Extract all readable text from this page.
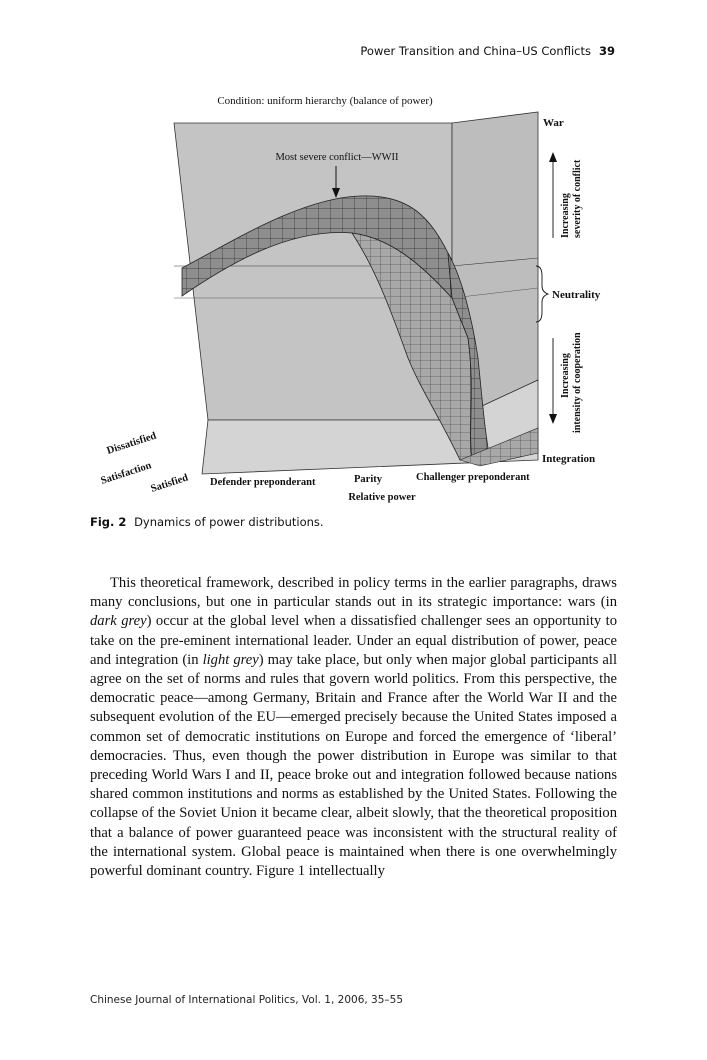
Power Transition and China–US Conflicts 39
Condition: uniform hierarchy (balance of power)
Most severe conflict—WWII
War
Increasing severity of conflict
Neutrality
Increasing intensity of cooperation
Integration
Dissatisfied
Satisfaction
Satisfied Defender preponderant	Parity	Challenger preponderant
Relative power
Fig. 2 Dynamics of power distributions.

This theoretical framework, described in policy terms in the earlier paragraphs, draws many conclusions, but one in particular stands out in its strategic importance: wars (in dark grey) occur at the global level when a dissatisfied challenger sees an opportunity to take on the pre-eminent international leader. Under an equal distribution of power, peace and integration (in light grey) may take place, but only when major global participants all agree on the set of norms and rules that govern world politics. From this perspective, the democratic peace—among Germany, Britain and France after the World War II and the subsequent evolution of the EU—emerged precisely because the United States imposed a common set of democratic institutions on Europe and forced the emergence of ‘liberal’ democracies. Thus, even though the power distribution in Europe was similar to that preceding World Wars I and II, peace broke out and integration followed because nations shared common institutions and norms as established by the United States. Following the collapse of the Soviet Union it became clear, albeit slowly, that the theoretical proposition that a balance of power guaranteed peace was inconsistent with the structural reality of the international system. Global peace is maintained when there is one overwhelmingly powerful dominant country. Figure 1 intellectually

Chinese Journal of International Politics, Vol. 1, 2006, 35–55
